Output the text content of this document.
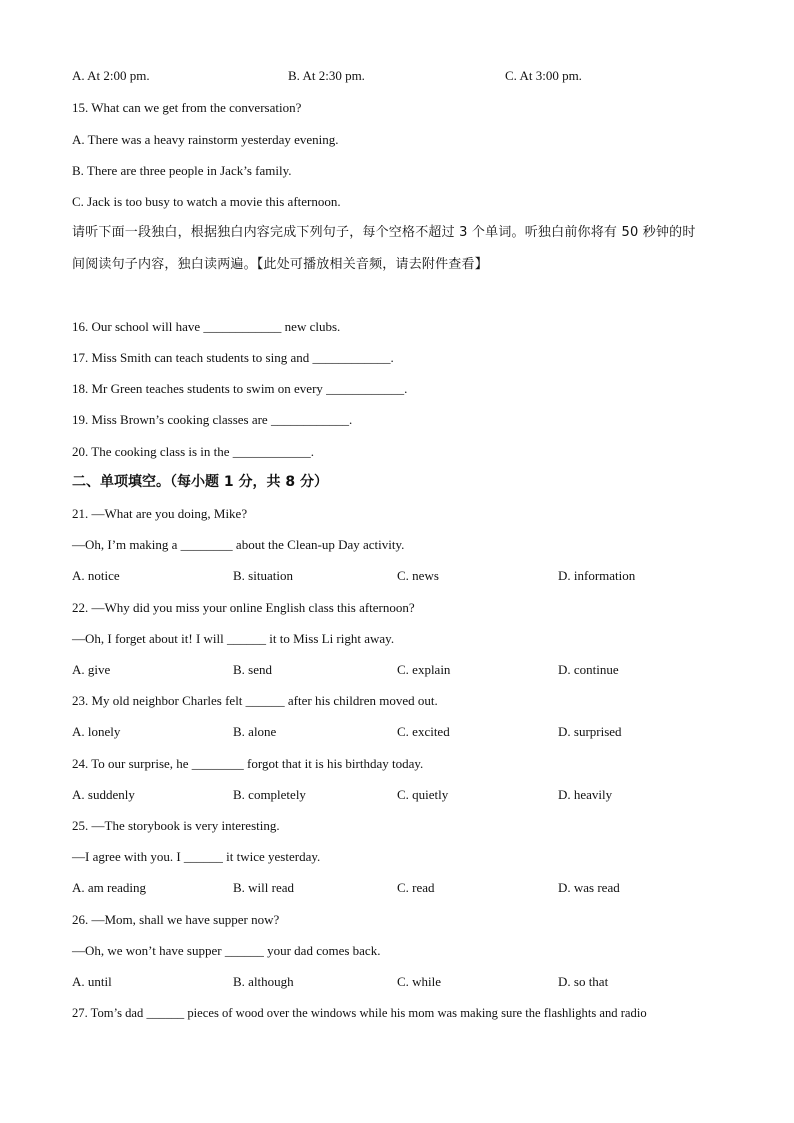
A. At 2:00 pm.	B. At 2:30 pm.	C. At 3:00 pm.
15. What can we get from the conversation?
A. There was a heavy rainstorm yesterday evening.
B. There are three people in Jack’s family.
C. Jack is too busy to watch a movie this afternoon.
请听下面一段独白，根据独白内容完成下列句子，每个空格不超过 3 个单词。听独白前你将有 50 秒钟的时
间阅读句子内容，独白读两遍。【此处可播放相关音频，请去附件查看】
16. Our school will have ____________ new clubs.
17. Miss Smith can teach students to sing and ____________.
18. Mr Green teaches students to swim on every ____________.
19. Miss Brown’s cooking classes are ____________.
20. The cooking class is in the ____________.
二、单项填空。（每小题 1 分，共 8 分）
21. —What are you doing, Mike?
—Oh, I’m making a ________ about the Clean-up Day activity.
A. notice	B. situation	C. news	D. information
22. —Why did you miss your online English class this afternoon?
—Oh, I forget about it! I will ______ it to Miss Li right away.
A. give	B. send	C. explain	D. continue
23. My old neighbor Charles felt ______ after his children moved out.
A. lonely	B. alone	C. excited	D. surprised
24. To our surprise, he ________ forgot that it is his birthday today.
A. suddenly	B. completely	C. quietly	D. heavily
25. —The storybook is very interesting.
—I agree with you. I ______ it twice yesterday.
A. am reading	B. will read	C. read	D. was read
26. —Mom, shall we have supper now?
—Oh, we won’t have supper ______ your dad comes back.
A. until	B. although	C. while	D. so that
27. Tom’s dad ______ pieces of wood over the windows while his mom was making sure the flashlights and radio
